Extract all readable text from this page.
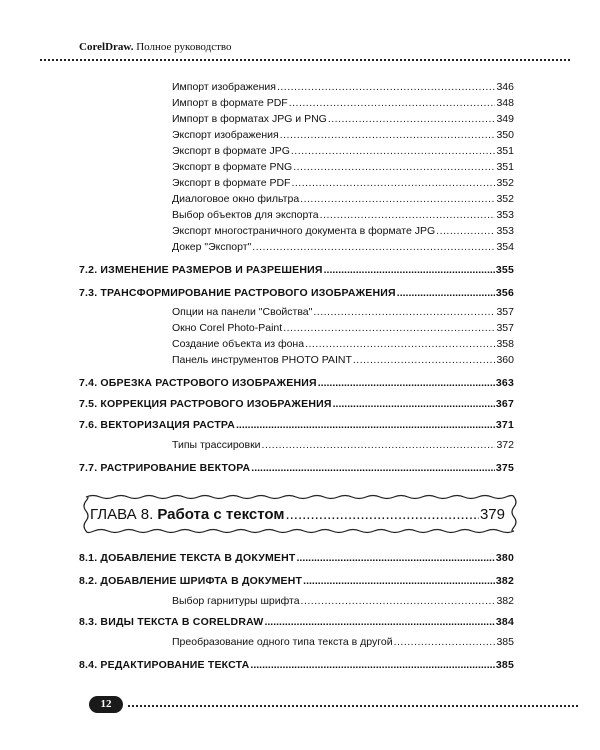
CorelDraw. Полное руководство
Импорт изображения .....	346
Импорт в формате PDF .....	348
Импорт в форматах JPG и PNG .....	349
Экспорт изображения .....	350
Экспорт в формате JPG .....	351
Экспорт в формате PNG .....	351
Экспорт в формате PDF .....	352
Диалоговое окно фильтра .....	352
Выбор объектов для экспорта .....	353
Экспорт многостраничного документа в формате JPG .....	353
Докер "Экспорт" .....	354
7.2. ИЗМЕНЕНИЕ РАЗМЕРОВ И РАЗРЕШЕНИЯ .....	355
7.3. ТРАНСФОРМИРОВАНИЕ РАСТРОВОГО ИЗОБРАЖЕНИЯ .....	356
Опции на панели "Свойства" .....	357
Окно Corel Photo-Paint .....	357
Создание объекта из фона .....	358
Панель инструментов PHOTO PAINT .....	360
7.4. ОБРЕЗКА РАСТРОВОГО ИЗОБРАЖЕНИЯ .....	363
7.5. КОРРЕКЦИЯ РАСТРОВОГО ИЗОБРАЖЕНИЯ .....	367
7.6. ВЕКТОРИЗАЦИЯ РАСТРА .....	371
Типы трассировки .....	372
7.7. РАСТРИРОВАНИЕ ВЕКТОРА .....	375
ГЛАВА 8. Работа с текстом .....	379
8.1. ДОБАВЛЕНИЕ ТЕКСТА В ДОКУМЕНТ .....	380
8.2. ДОБАВЛЕНИЕ ШРИФТА В ДОКУМЕНТ .....	382
Выбор гарнитуры шрифта .....	382
8.3. ВИДЫ ТЕКСТА В CORELDRAW .....	384
Преобразование одного типа текста в другой .....	385
8.4. РЕДАКТИРОВАНИЕ ТЕКСТА .....	385
12
